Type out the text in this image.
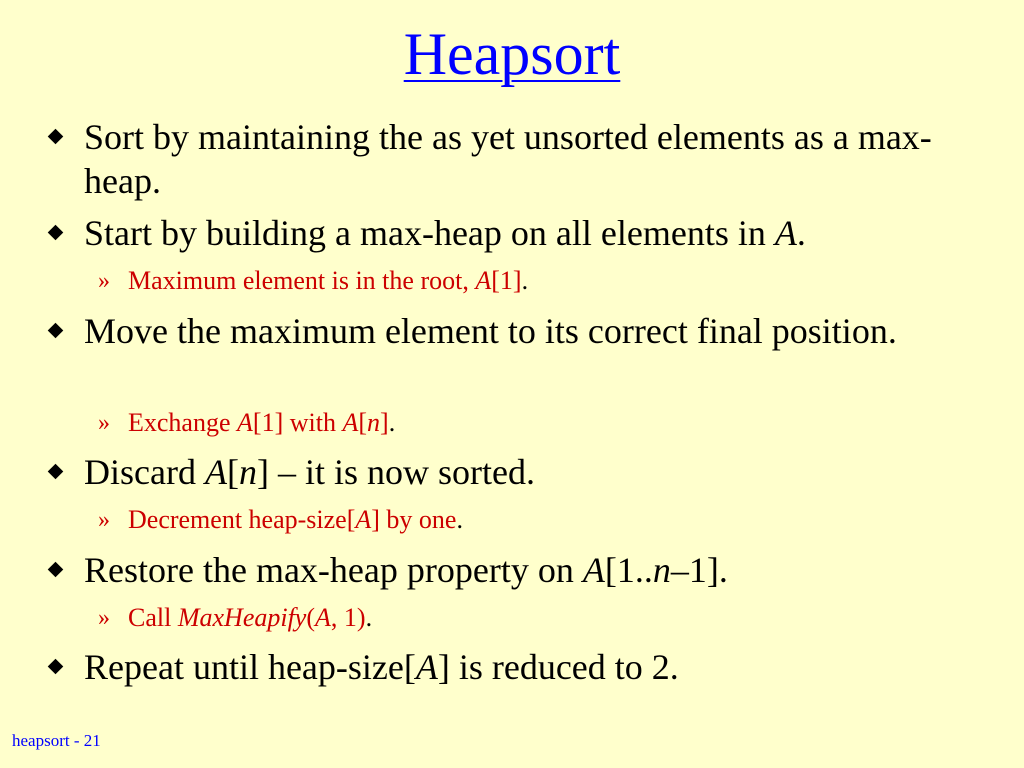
Heapsort
Sort by maintaining the as yet unsorted elements as a max-heap.
Start by building a max-heap on all elements in A.
» Maximum element is in the root, A[1].
Move the maximum element to its correct final position.
» Exchange A[1] with A[n].
Discard A[n] – it is now sorted.
» Decrement heap-size[A] by one.
Restore the max-heap property on A[1..n–1].
» Call MaxHeapify(A, 1).
Repeat until heap-size[A] is reduced to 2.
heapsort - 21
